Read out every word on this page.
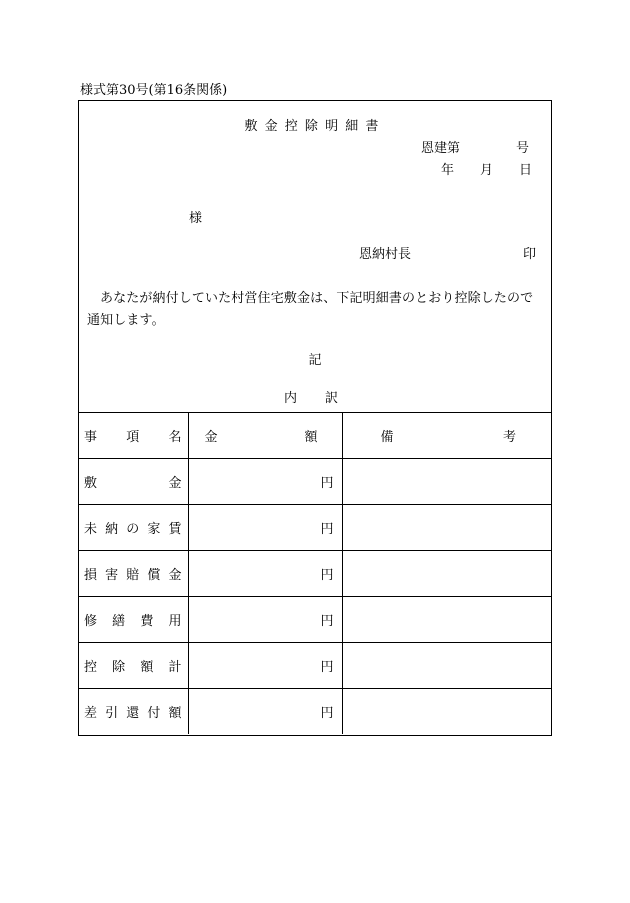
様式第30号(第16条関係)
敷金控除明細書
恩建第	号
年 月 日
様
恩納村長	印
あなたが納付していた村営住宅敷金は、下記明細書のとおり控除したので通知します。
記
内 訳
事項名	金額	備考
敷金	円	
未納の家賃	円	
損害賠償金	円	
修繕費用	円	
控除額計	円	
差引還付額	円	
